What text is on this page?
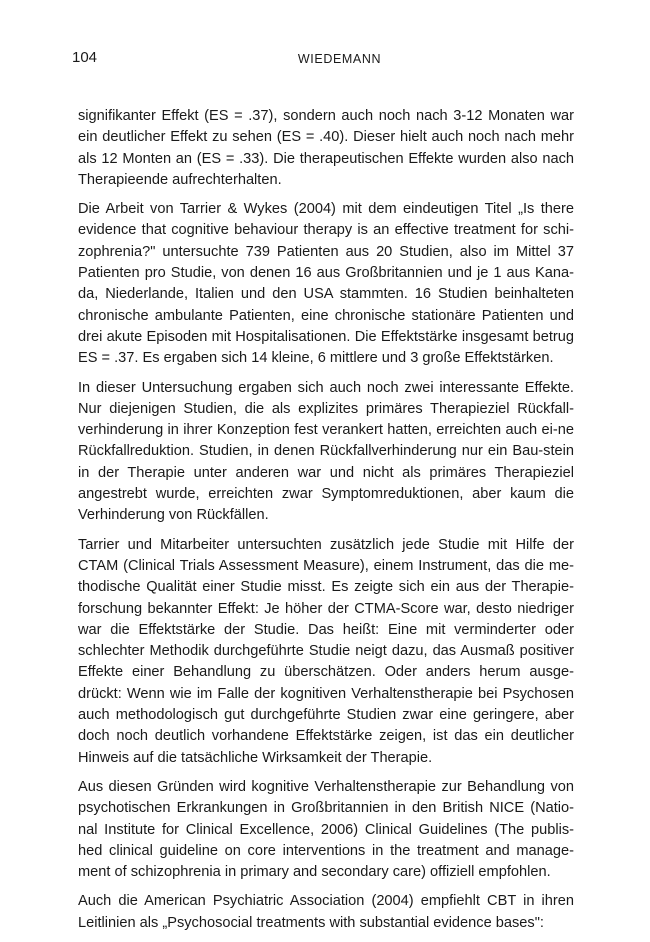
104	WIEDEMANN

signifikanter Effekt (ES = .37), sondern auch noch nach 3-12 Monaten war ein deutlicher Effekt zu sehen (ES = .40). Dieser hielt auch noch nach mehr als 12 Monten an (ES = .33). Die therapeutischen Effekte wurden also nach Therapieende aufrechterhalten.

Die Arbeit von Tarrier & Wykes (2004) mit dem eindeutigen Titel „Is there evidence that cognitive behaviour therapy is an effective treatment for schi-zophrenia?" untersuchte 739 Patienten aus 20 Studien, also im Mittel 37 Patienten pro Studie, von denen 16 aus Großbritannien und je 1 aus Kana-da, Niederlande, Italien und den USA stammten. 16 Studien beinhalteten chronische ambulante Patienten, eine chronische stationäre Patienten und drei akute Episoden mit Hospitalisationen. Die Effektstärke insgesamt betrug ES = .37. Es ergaben sich 14 kleine, 6 mittlere und 3 große Effektstärken.

In dieser Untersuchung ergaben sich auch noch zwei interessante Effekte. Nur diejenigen Studien, die als explizites primäres Therapieziel Rückfall-verhinderung in ihrer Konzeption fest verankert hatten, erreichten auch ei-ne Rückfallreduktion. Studien, in denen Rückfallverhinderung nur ein Bau-stein in der Therapie unter anderen war und nicht als primäres Therapieziel angestrebt wurde, erreichten zwar Symptomreduktionen, aber kaum die Verhinderung von Rückfällen.

Tarrier und Mitarbeiter untersuchten zusätzlich jede Studie mit Hilfe der CTAM (Clinical Trials Assessment Measure), einem Instrument, das die me-thodische Qualität einer Studie misst. Es zeigte sich ein aus der Therapie-forschung bekannter Effekt: Je höher der CTMA-Score war, desto niedriger war die Effektstärke der Studie. Das heißt: Eine mit verminderter oder schlechter Methodik durchgeführte Studie neigt dazu, das Ausmaß positiver Effekte einer Behandlung zu überschätzen. Oder anders herum ausge-drückt: Wenn wie im Falle der kognitiven Verhaltenstherapie bei Psychosen auch methodologisch gut durchgeführte Studien zwar eine geringere, aber doch noch deutlich vorhandene Effektstärke zeigen, ist das ein deutlicher Hinweis auf die tatsächliche Wirksamkeit der Therapie.

Aus diesen Gründen wird kognitive Verhaltenstherapie zur Behandlung von psychotischen Erkrankungen in Großbritannien in den British NICE (Natio-nal Institute for Clinical Excellence, 2006) Clinical Guidelines (The publis-hed clinical guideline on core interventions in the treatment and manage-ment of schizophrenia in primary and secondary care) offiziell empfohlen.

Auch die American Psychiatric Association (2004) empfiehlt CBT in ihren Leitlinien als „Psychosocial treatments with substantial evidence bases":
